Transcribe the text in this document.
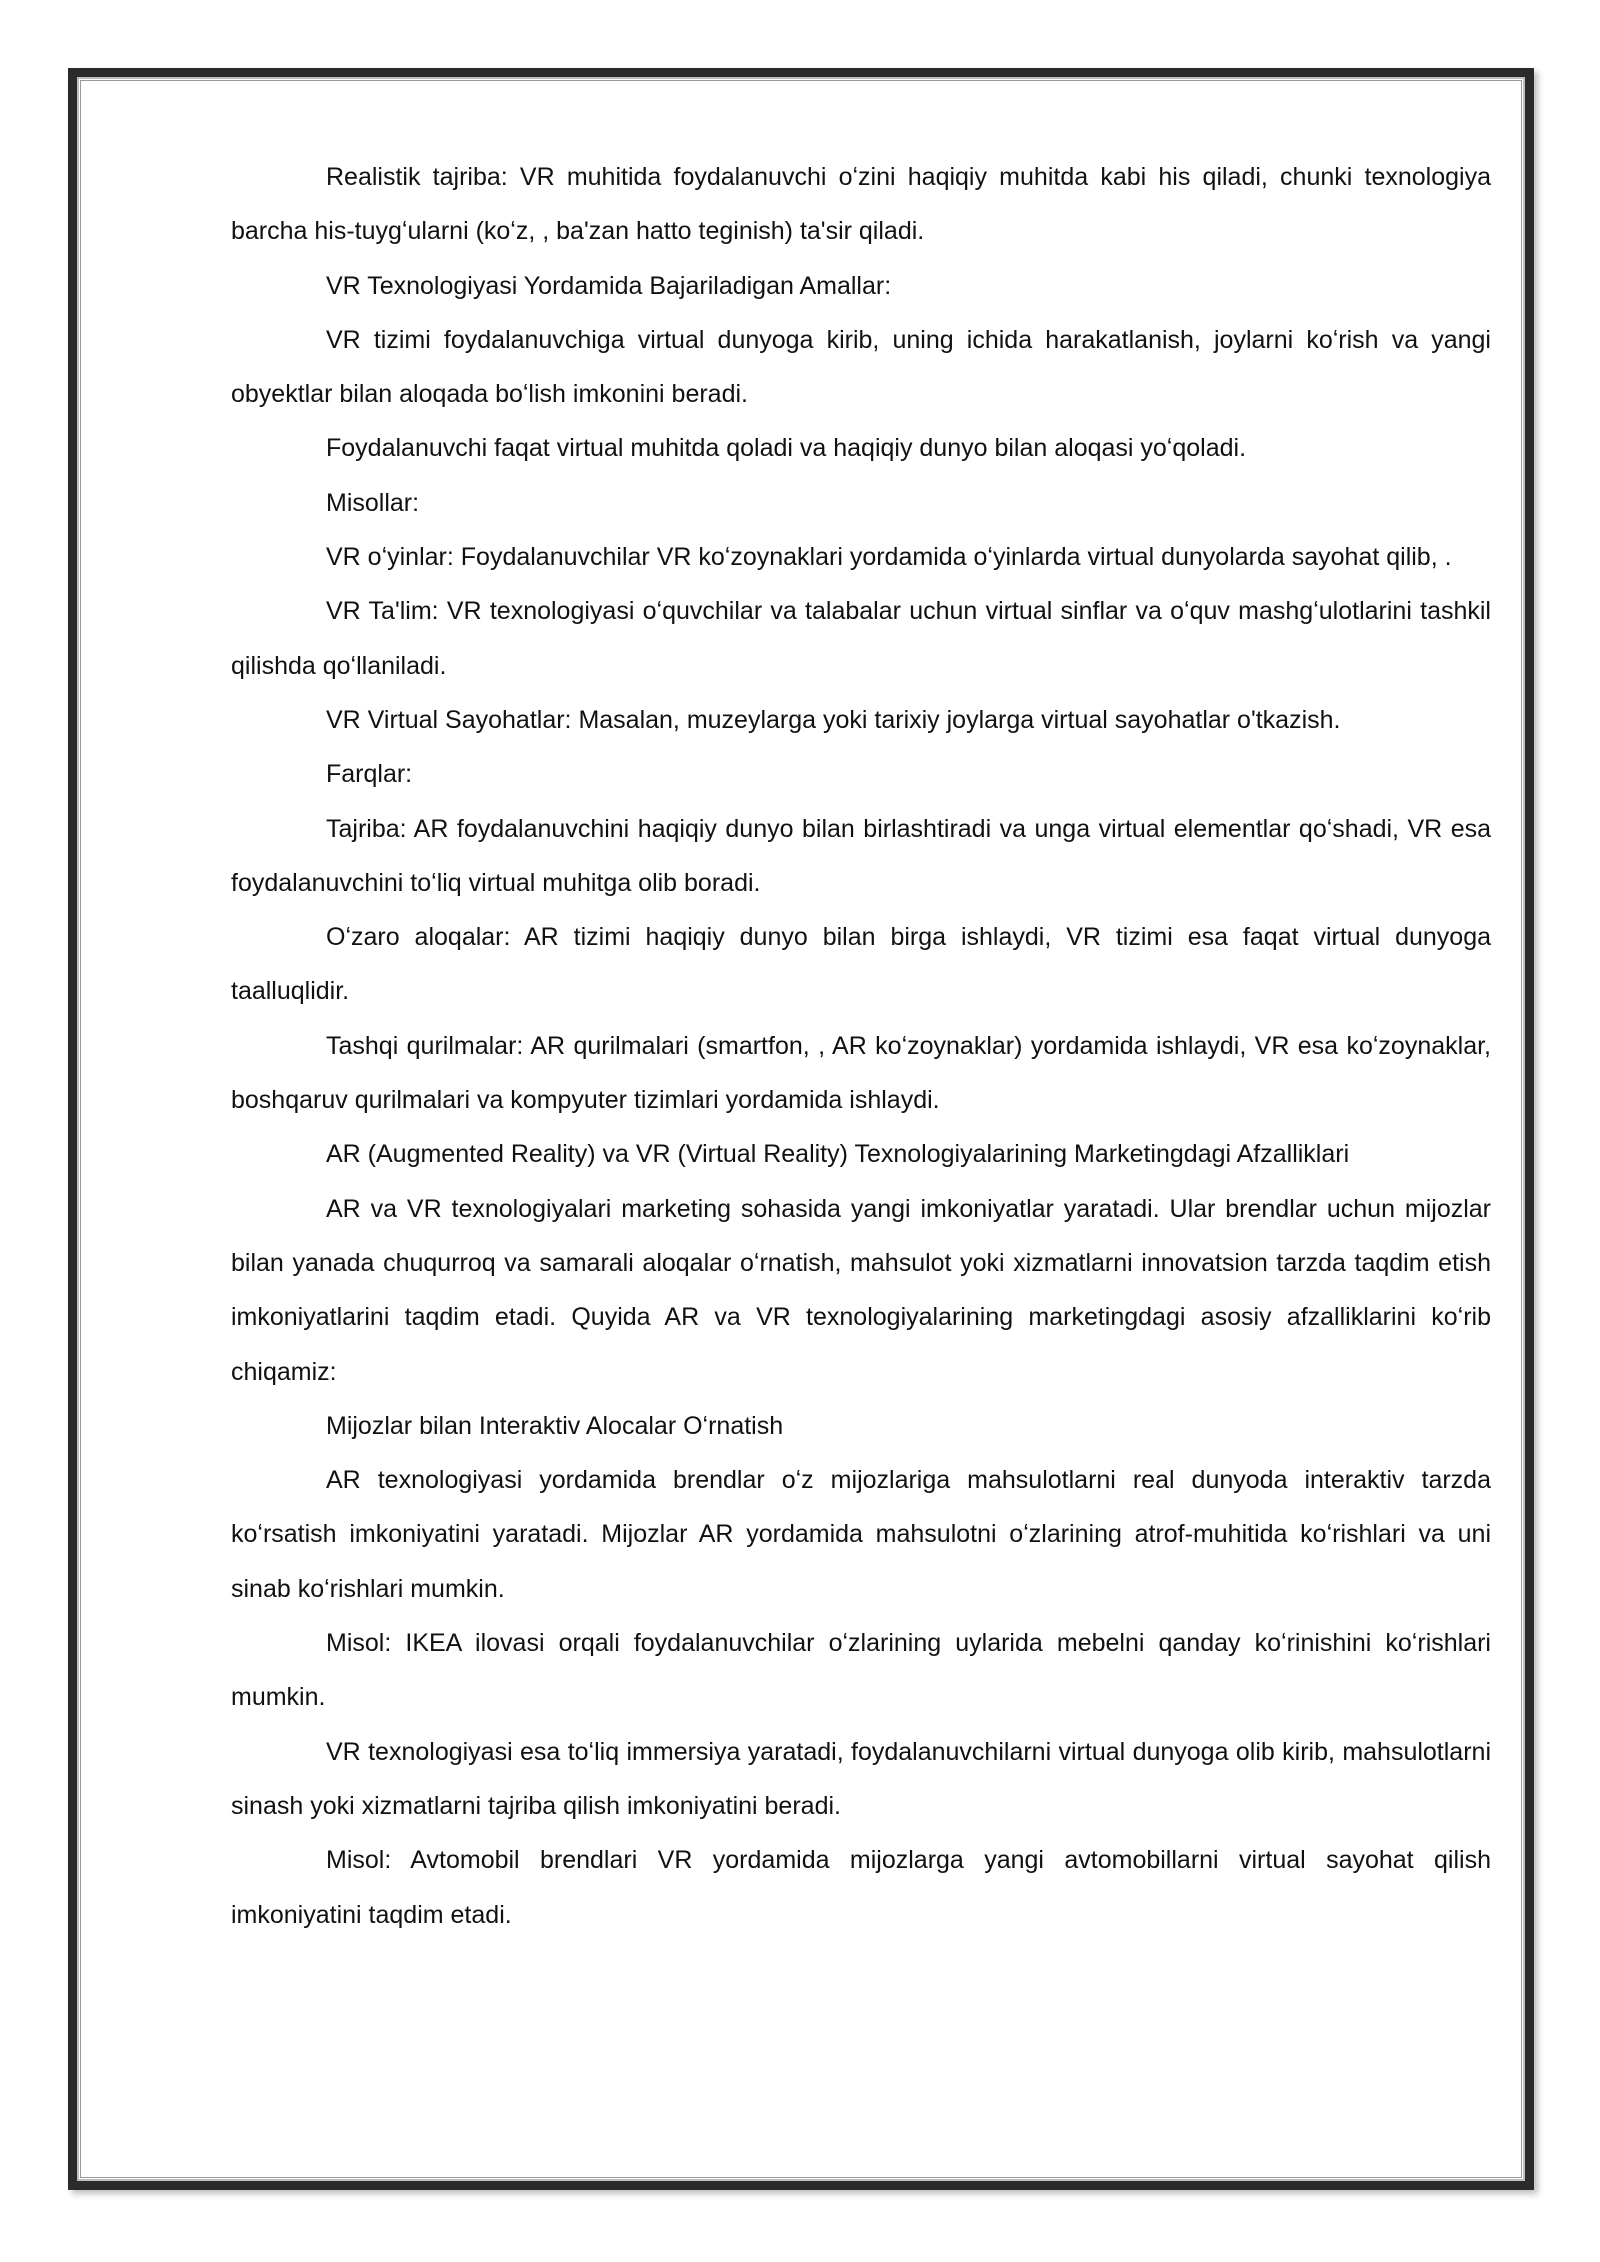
Realistik tajriba: VR muhitida foydalanuvchi oʻzini haqiqiy muhitda kabi his qiladi, chunki texnologiya barcha his-tuygʻularni (koʻz, , ba'zan hatto teginish) ta'sir qiladi.

VR Texnologiyasi Yordamida Bajariladigan Amallar:

VR tizimi foydalanuvchiga virtual dunyoga kirib, uning ichida harakatlanish, joylarni koʻrish va yangi obyektlar bilan aloqada boʻlish imkonini beradi.

Foydalanuvchi faqat virtual muhitda qoladi va haqiqiy dunyo bilan aloqasi yoʻqoladi.

Misollar:

VR oʻyinlar: Foydalanuvchilar VR koʻzoynaklari yordamida oʻyinlarda virtual dunyolarda sayohat qilib, .

VR Ta'lim: VR texnologiyasi oʻquvchilar va talabalar uchun virtual sinflar va oʻquv mashgʻulotlarini tashkil qilishda qoʻllaniladi.

VR Virtual Sayohatlar: Masalan, muzeylarga yoki tarixiy joylarga virtual sayohatlar o'tkazish.

Farqlar:

Tajriba: AR foydalanuvchini haqiqiy dunyo bilan birlashtiradi va unga virtual elementlar qoʻshadi, VR esa foydalanuvchini toʻliq virtual muhitga olib boradi.

Oʻzaro aloqalar: AR tizimi haqiqiy dunyo bilan birga ishlaydi, VR tizimi esa faqat virtual dunyoga taalluqlidir.

Tashqi qurilmalar: AR qurilmalari (smartfon, , AR koʻzoynaklar) yordamida ishlaydi, VR esa koʻzoynaklar, boshqaruv qurilmalari va kompyuter tizimlari yordamida ishlaydi.

AR (Augmented Reality) va VR (Virtual Reality) Texnologiyalarining Marketingdagi Afzalliklari

AR va VR texnologiyalari marketing sohasida yangi imkoniyatlar yaratadi. Ular brendlar uchun mijozlar bilan yanada chuqurroq va samarali aloqalar oʻrnatish, mahsulot yoki xizmatlarni innovatsion tarzda taqdim etish imkoniyatlarini taqdim etadi. Quyida AR va VR texnologiyalarining marketingdagi asosiy afzalliklarini koʻrib chiqamiz:

Mijozlar bilan Interaktiv Alocalar Oʻrnatish

AR texnologiyasi yordamida brendlar oʻz mijozlariga mahsulotlarni real dunyoda interaktiv tarzda koʻrsatish imkoniyatini yaratadi. Mijozlar AR yordamida mahsulotni oʻzlarining atrof-muhitida koʻrishlari va uni sinab koʻrishlari mumkin.

Misol: IKEA ilovasi orqali foydalanuvchilar oʻzlarining uylarida mebelni qanday koʻrinishini koʻrishlari mumkin.

VR texnologiyasi esa toʻliq immersiya yaratadi, foydalanuvchilarni virtual dunyoga olib kirib, mahsulotlarni sinash yoki xizmatlarni tajriba qilish imkoniyatini beradi.

Misol: Avtomobil brendlari VR yordamida mijozlarga yangi avtomobillarni virtual sayohat qilish imkoniyatini taqdim etadi.
